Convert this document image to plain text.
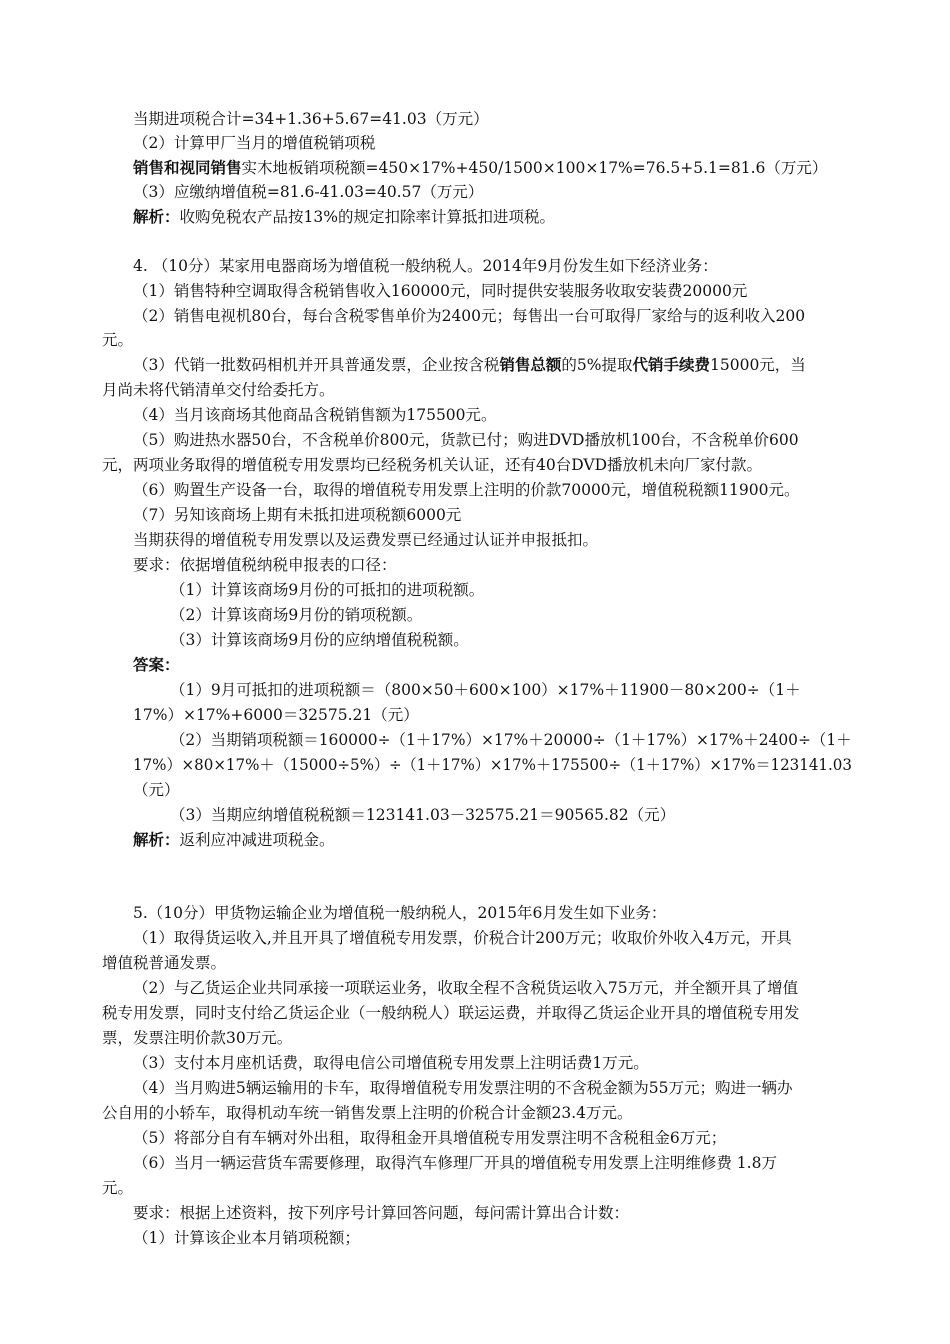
当期进项税合计=34+1.36+5.67=41.03（万元）
（2）计算甲厂当月的增值税销项税
销售和视同销售实木地板销项税额=450×17%+450/1500×100×17%=76.5+5.1=81.6（万元）
（3）应缴纳增值税=81.6-41.03=40.57（万元）
解析：收购免税农产品按13%的规定扣除率计算抵扣进项税。
4. （10分）某家用电器商场为增值税一般纳税人。2014年9月份发生如下经济业务：
（1）销售特种空调取得含税销售收入160000元，同时提供安装服务收取安装费20000元
（2）销售电视机80台，每台含税零售单价为2400元；每售出一台可取得厂家给与的返利收入200
元。
（3）代销一批数码相机并开具普通发票，企业按含税销售总额的5%提取代销手续费15000元，当
月尚未将代销清单交付给委托方。
（4）当月该商场其他商品含税销售额为175500元。
（5）购进热水器50台，不含税单价800元，货款已付；购进DVD播放机100台，不含税单价600
元，两项业务取得的增值税专用发票均已经税务机关认证，还有40台DVD播放机未向厂家付款。
（6）购置生产设备一台，取得的增值税专用发票上注明的价款70000元，增值税税额11900元。
（7）另知该商场上期有未抵扣进项税额6000元
当期获得的增值税专用发票以及运费发票已经通过认证并申报抵扣。
要求：依据增值税纳税申报表的口径：
（1）计算该商场9月份的可抵扣的进项税额。
（2）计算该商场9月份的销项税额。
（3）计算该商场9月份的应纳增值税税额。
答案：
（1）9月可抵扣的进项税额＝（800×50＋600×100）×17%＋11900－80×200÷（1＋
17%）×17%+6000＝32575.21（元）
（2）当期销项税额＝160000÷（1＋17%）×17%＋20000÷（1＋17%）×17%＋2400÷（1＋
17%）×80×17%＋（15000÷5%）÷（1＋17%）×17%＋175500÷（1＋17%）×17%＝123141.03
（元）
（3）当期应纳增值税税额＝123141.03－32575.21＝90565.82（元）
解析：返利应冲减进项税金。
5.（10分）甲货物运输企业为增值税一般纳税人，2015年6月发生如下业务：
（1）取得货运收入,并且开具了增值税专用发票，价税合计200万元；收取价外收入4万元，开具
增值税普通发票。
（2）与乙货运企业共同承接一项联运业务，收取全程不含税货运收入75万元，并全额开具了增值
税专用发票，同时支付给乙货运企业（一般纳税人）联运运费，并取得乙货运企业开具的增值税专用发
票，发票注明价款30万元。
（3）支付本月座机话费，取得电信公司增值税专用发票上注明话费1万元。
（4）当月购进5辆运输用的卡车，取得增值税专用发票注明的不含税金额为55万元；购进一辆办
公自用的小轿车，取得机动车统一销售发票上注明的价税合计金额23.4万元。
（5）将部分自有车辆对外出租，取得租金开具增值税专用发票注明不含税租金6万元；
（6）当月一辆运营货车需要修理，取得汽车修理厂开具的增值税专用发票上注明维修费 1.8万
元。
要求：根据上述资料，按下列序号计算回答问题，每问需计算出合计数：
（1）计算该企业本月销项税额；
